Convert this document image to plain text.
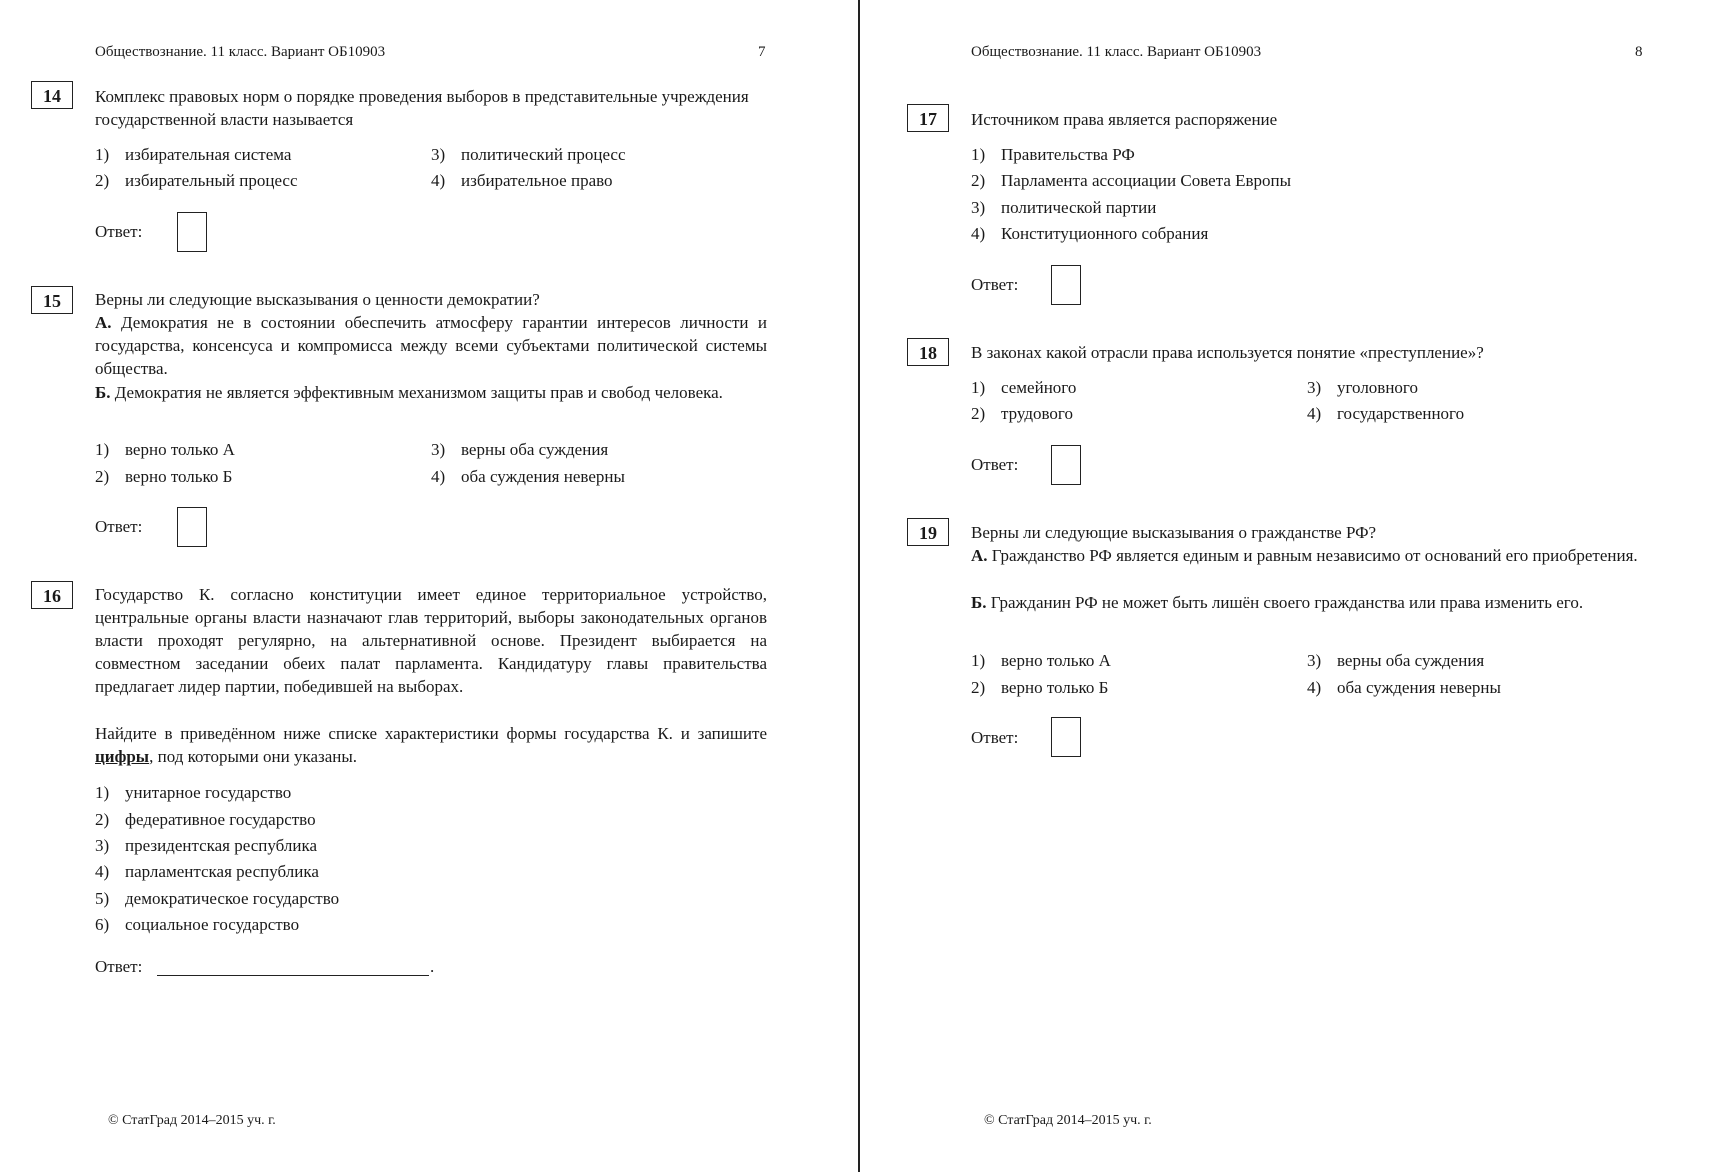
Обществознание. 11 класс. Вариант ОБ10903	7
14	Комплекс правовых норм о порядке проведения выборов в представительные учреждения государственной власти называется
1) избирательная система
2) избирательный процесс
3) политический процесс
4) избирательное право
Ответ:
15	Верны ли следующие высказывания о ценности демократии?
А. Демократия не в состоянии обеспечить атмосферу гарантии интересов личности и государства, консенсуса и компромисса между всеми субъектами политической системы общества.
Б. Демократия не является эффективным механизмом защиты прав и свобод человека.
1) верно только А
2) верно только Б
3) верны оба суждения
4) оба суждения неверны
Ответ:
16	Государство К. согласно конституции имеет единое территориальное устройство, центральные органы власти назначают глав территорий, выборы законодательных органов власти проходят регулярно, на альтернативной основе. Президент выбирается на совместном заседании обеих палат парламента. Кандидатуру главы правительства предлагает лидер партии, победившей на выборах.
Найдите в приведённом ниже списке характеристики формы государства К. и запишите цифры, под которыми они указаны.
1) унитарное государство
2) федеративное государство
3) президентская республика
4) парламентская республика
5) демократическое государство
6) социальное государство
Ответ:	.
© СтатГрад 2014–2015 уч. г.
Обществознание. 11 класс. Вариант ОБ10903	8
17	Источником права является распоряжение
1) Правительства РФ
2) Парламента ассоциации Совета Европы
3) политической партии
4) Конституционного собрания
Ответ:
18	В законах какой отрасли права используется понятие «преступление»?
1) семейного
2) трудового
3) уголовного
4) государственного
Ответ:
19	Верны ли следующие высказывания о гражданстве РФ?
А. Гражданство РФ является единым и равным независимо от оснований его приобретения.
Б. Гражданин РФ не может быть лишён своего гражданства или права изменить его.
1) верно только А
2) верно только Б
3) верны оба суждения
4) оба суждения неверны
Ответ:
© СтатГрад 2014–2015 уч. г.
